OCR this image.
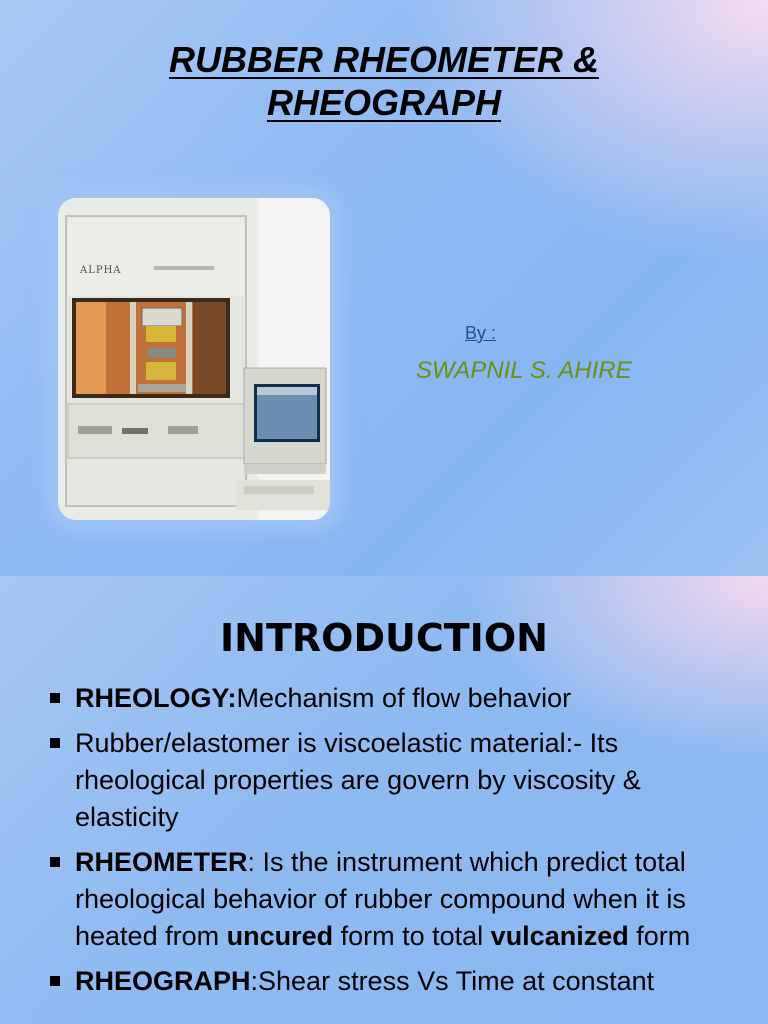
RUBBER RHEOMETER &
RHEOGRAPH
ALPHA
By :
SWAPNIL S. AHIRE
INTRODUCTION
RHEOLOGY:Mechanism of flow behavior
Rubber/elastomer is viscoelastic material:- Its rheological properties are govern by viscosity & elasticity
RHEOMETER: Is the instrument which predict total rheological behavior of rubber compound when it is heated from uncured form to total vulcanized form
RHEOGRAPH:Shear stress Vs Time at constant
